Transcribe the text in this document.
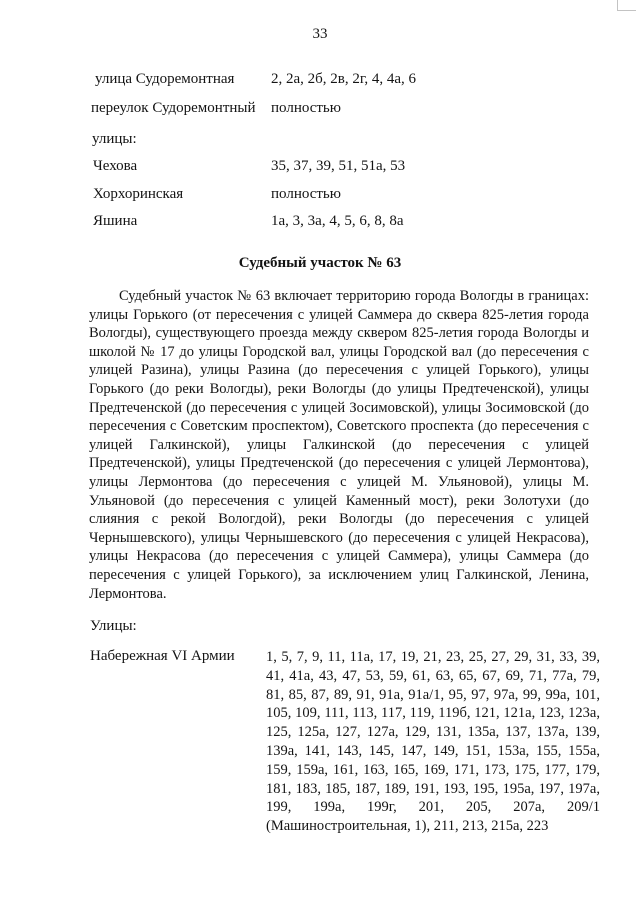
33
улица Судоремонтная 2, 2а, 2б, 2в, 2г, 4, 4а, 6
переулок Судоремонтный полностью
улицы:
Чехова	35, 37, 39, 51, 51а, 53
Хорхоринская	полностью
Яшина	1а, 3, 3а, 4, 5, 6, 8, 8а
Судебный участок № 63

Судебный участок № 63 включает территорию города Вологды в границах: улицы Горького (от пересечения с улицей Саммера до сквера 825-летия города Вологды), существующего проезда между сквером 825-летия города Вологды и школой № 17 до улицы Городской вал, улицы Городской вал (до пересечения с улицей Разина), улицы Разина (до пересечения с улицей Горького), улицы Горького (до реки Вологды), реки Вологды (до улицы Предтеченской), улицы Предтеченской (до пересечения с улицей Зосимовской), улицы Зосимовской (до пересечения с Советским проспектом), Советского проспекта (до пересечения с улицей Галкинской), улицы Галкинской (до пересечения с улицей Предтеченской), улицы Предтеченской (до пересечения с улицей Лермонтова), улицы Лермонтова (до пересечения с улицей М. Ульяновой), улицы М. Ульяновой (до пересечения с улицей Каменный мост), реки Золотухи (до слияния с рекой Вологдой), реки Вологды (до пересечения с улицей Чернышевского), улицы Чернышевского (до пересечения с улицей Некрасова), улицы Некрасова (до пересечения с улицей Саммера), улицы Саммера (до пересечения с улицей Горького), за исключением улиц Галкинской, Ленина, Лермонтова.

Улицы:
Набережная VI Армии 1, 5, 7, 9, 11, 11а, 17, 19, 21, 23, 25, 27, 29, 31, 33, 39, 41, 41а, 43, 47, 53, 59, 61, 63, 65, 67, 69, 71, 77а, 79, 81, 85, 87, 89, 91, 91а, 91а/1, 95, 97, 97а, 99, 99а, 101, 105, 109, 111, 113, 117, 119, 119б, 121, 121а, 123, 123а, 125, 125а, 127, 127а, 129, 131, 135а, 137, 137а, 139, 139а, 141, 143, 145, 147, 149, 151, 153а, 155, 155а, 159, 159а, 161, 163, 165, 169, 171, 173, 175, 177, 179, 181, 183, 185, 187, 189, 191, 193, 195, 195а, 197, 197а, 199, 199а, 199г, 201, 205, 207а, 209/1 (Машиностроительная, 1), 211, 213, 215а, 223
